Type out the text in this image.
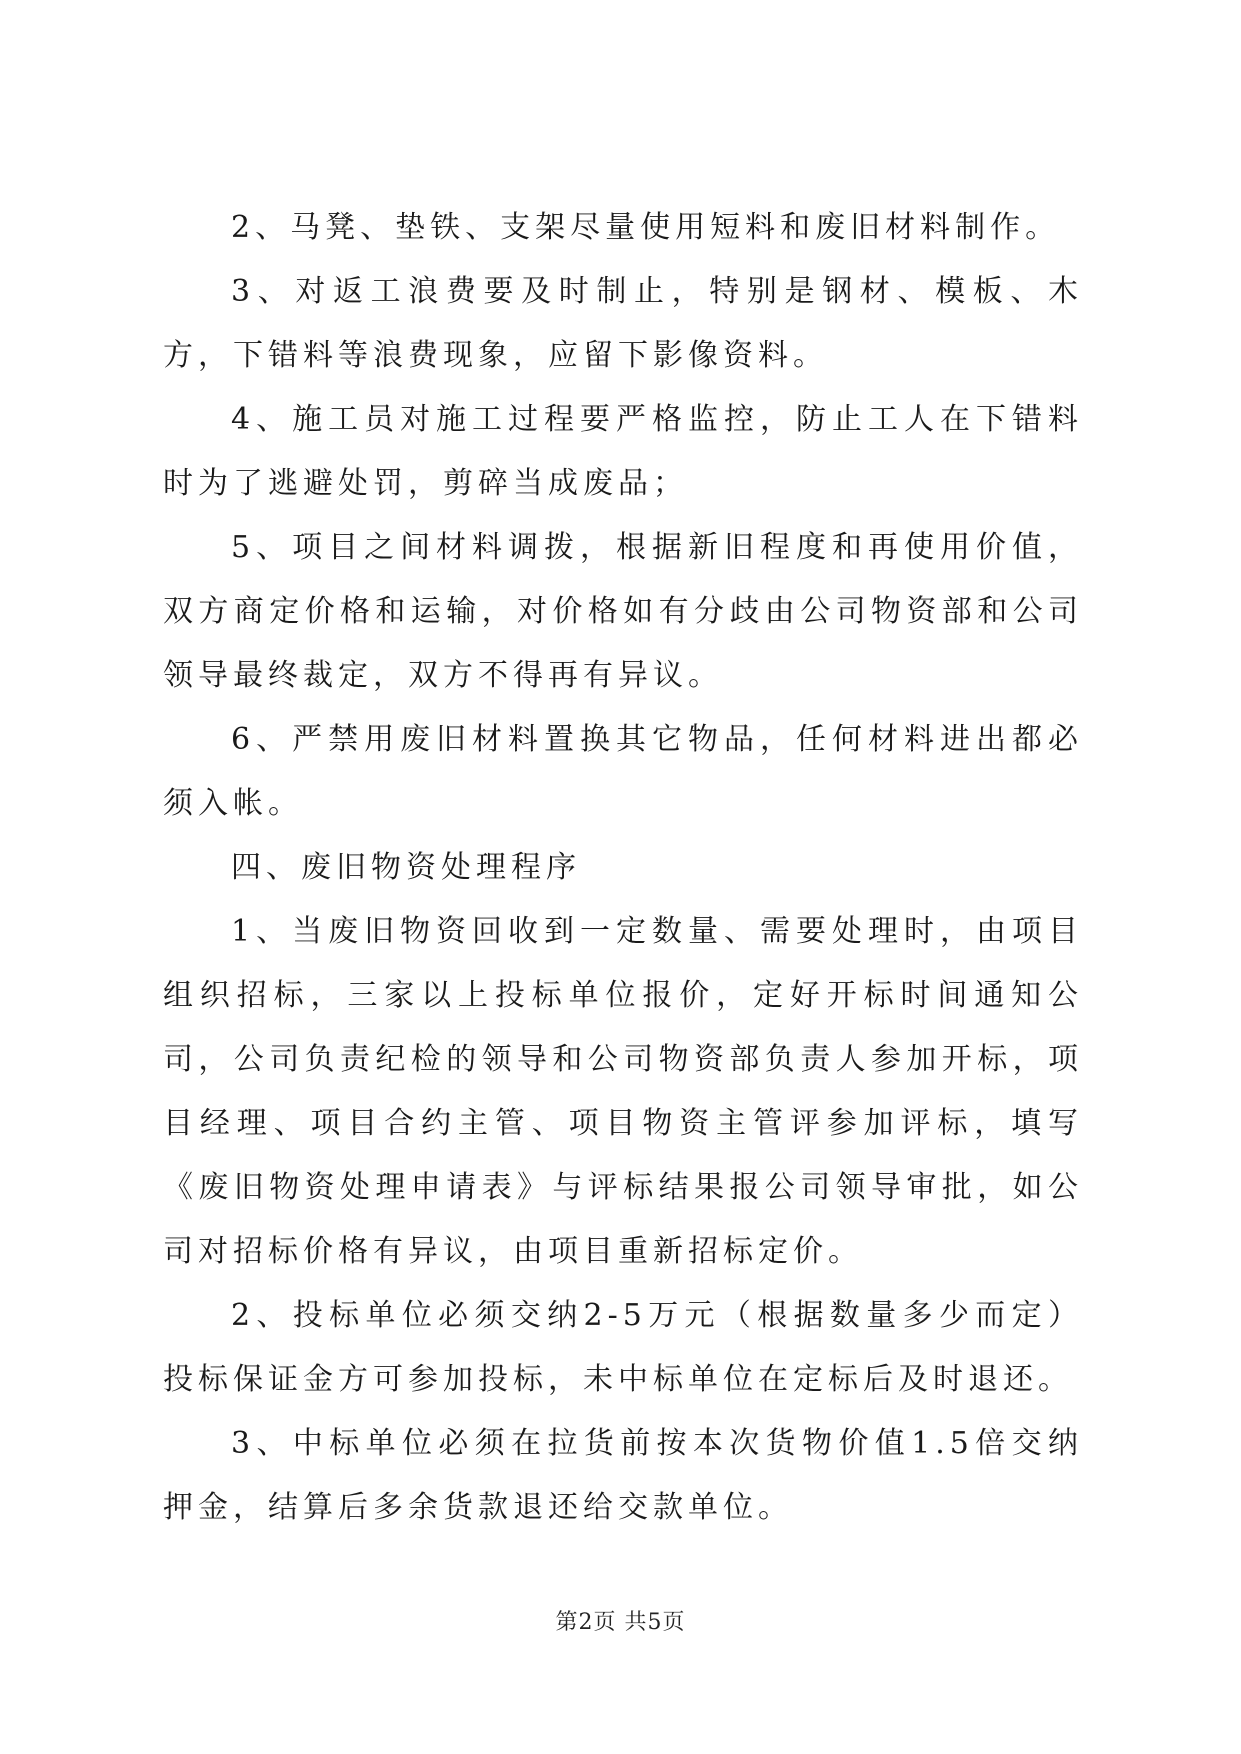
2、马凳、垫铁、支架尽量使用短料和废旧材料制作。

3、对返工浪费要及时制止，特别是钢材、模板、木方，下错料等浪费现象，应留下影像资料。

4、施工员对施工过程要严格监控，防止工人在下错料时为了逃避处罚，剪碎当成废品；

5、项目之间材料调拨，根据新旧程度和再使用价值，双方商定价格和运输，对价格如有分歧由公司物资部和公司领导最终裁定，双方不得再有异议。

6、严禁用废旧材料置换其它物品，任何材料进出都必须入帐。

四、废旧物资处理程序

1、当废旧物资回收到一定数量、需要处理时，由项目组织招标，三家以上投标单位报价，定好开标时间通知公司，公司负责纪检的领导和公司物资部负责人参加开标，项目经理、项目合约主管、项目物资主管评参加评标，填写《废旧物资处理申请表》与评标结果报公司领导审批，如公司对招标价格有异议，由项目重新招标定价。

2、投标单位必须交纳2-5万元（根据数量多少而定）投标保证金方可参加投标，未中标单位在定标后及时退还。

3、中标单位必须在拉货前按本次货物价值1.5倍交纳押金，结算后多余货款退还给交款单位。

第2页 共5页
